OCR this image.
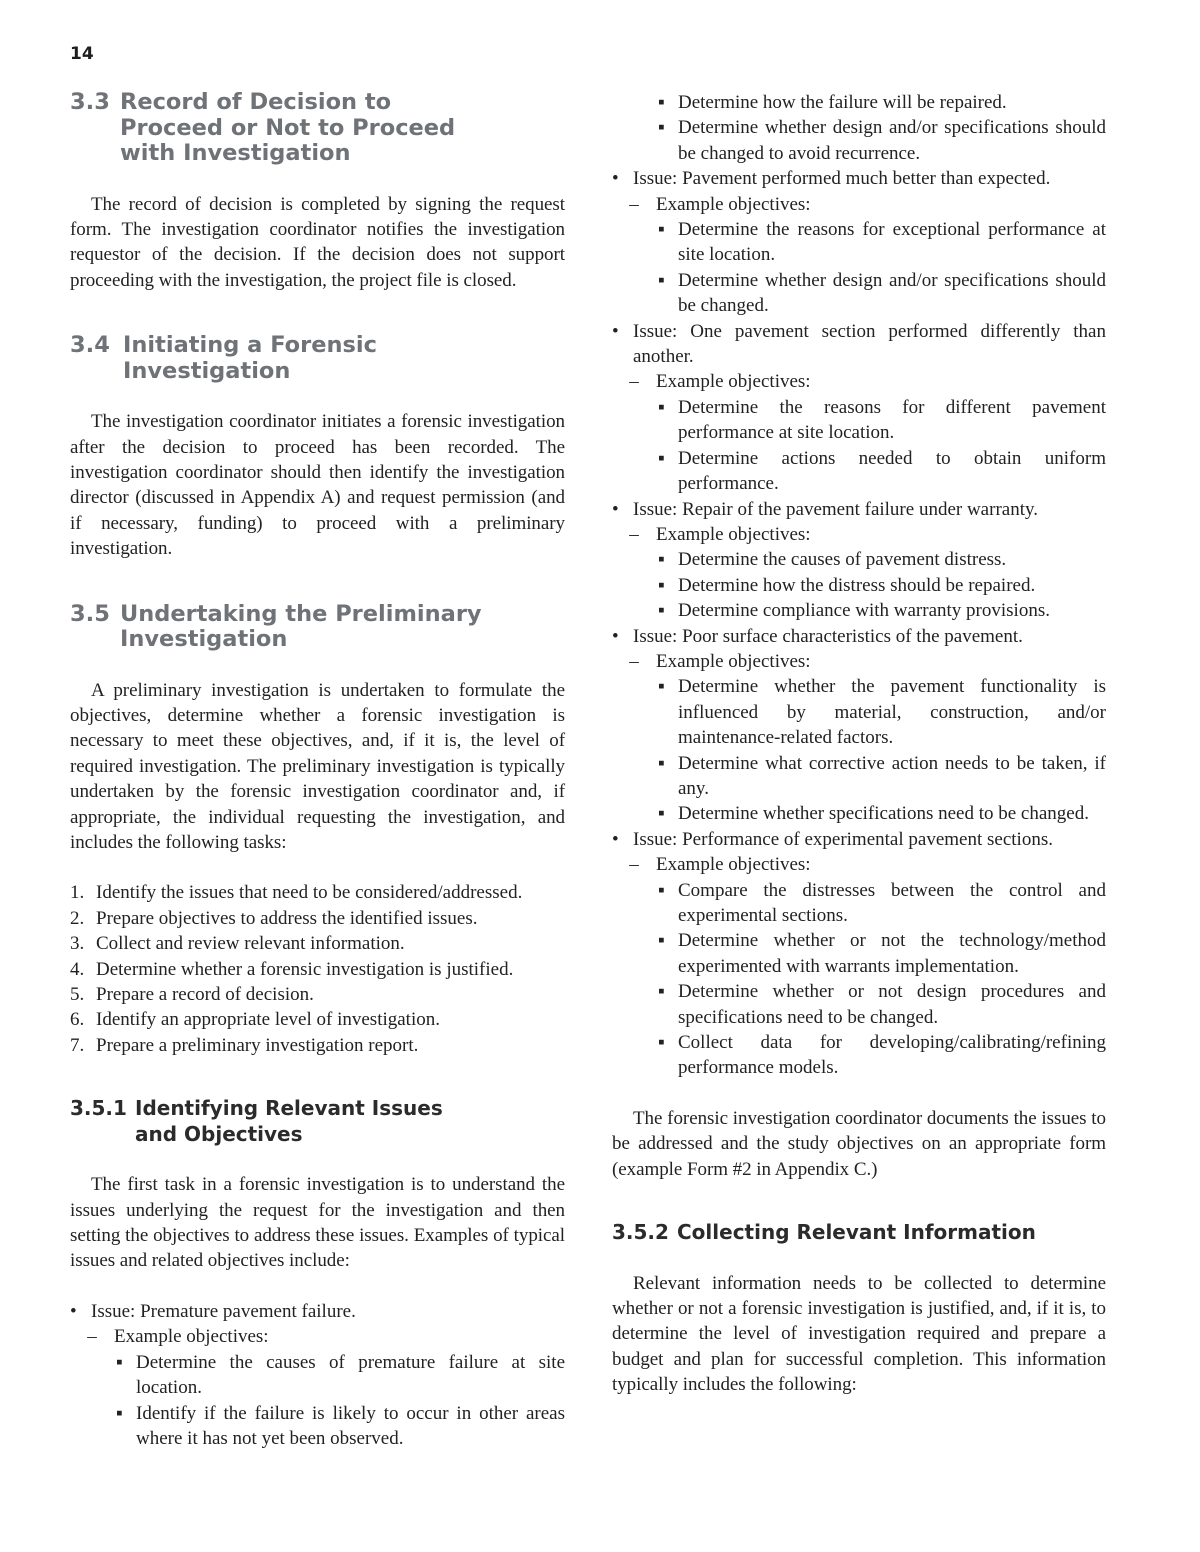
14
3.3 Record of Decision to Proceed or Not to Proceed with Investigation

The record of decision is completed by signing the request form. The investigation coordinator notifies the investigation requestor of the decision. If the decision does not support proceeding with the investigation, the project file is closed.

3.4 Initiating a Forensic Investigation

The investigation coordinator initiates a forensic investigation after the decision to proceed has been recorded. The investigation coordinator should then identify the investigation director (discussed in Appendix A) and request permission (and if necessary, funding) to proceed with a preliminary investigation.

3.5 Undertaking the Preliminary Investigation

A preliminary investigation is undertaken to formulate the objectives, determine whether a forensic investigation is necessary to meet these objectives, and, if it is, the level of required investigation. The preliminary investigation is typically undertaken by the forensic investigation coordinator and, if appropriate, the individual requesting the investigation, and includes the following tasks:

1. Identify the issues that need to be considered/addressed.
2. Prepare objectives to address the identified issues.
3. Collect and review relevant information.
4. Determine whether a forensic investigation is justified.
5. Prepare a record of decision.
6. Identify an appropriate level of investigation.
7. Prepare a preliminary investigation report.
3.5.1 Identifying Relevant Issues and Objectives

The first task in a forensic investigation is to understand the issues underlying the request for the investigation and then setting the objectives to address these issues. Examples of typical issues and related objectives include:

• Issue: Premature pavement failure.
– Example objectives:
▪ Determine the causes of premature failure at site location.
▪ Identify if the failure is likely to occur in other areas where it has not yet been observed.
▪ Determine how the failure will be repaired.
▪ Determine whether design and/or specifications should be changed to avoid recurrence.
• Issue: Pavement performed much better than expected.
– Example objectives:
▪ Determine the reasons for exceptional performance at site location.
▪ Determine whether design and/or specifications should be changed.
• Issue: One pavement section performed differently than another.
– Example objectives:
▪ Determine the reasons for different pavement performance at site location.
▪ Determine actions needed to obtain uniform performance.
• Issue: Repair of the pavement failure under warranty.
– Example objectives:
▪ Determine the causes of pavement distress.
▪ Determine how the distress should be repaired.
▪ Determine compliance with warranty provisions.
• Issue: Poor surface characteristics of the pavement.
– Example objectives:
▪ Determine whether the pavement functionality is influenced by material, construction, and/or maintenance-related factors.
▪ Determine what corrective action needs to be taken, if any.
▪ Determine whether specifications need to be changed.
• Issue: Performance of experimental pavement sections.
– Example objectives:
▪ Compare the distresses between the control and experimental sections.
▪ Determine whether or not the technology/method experimented with warrants implementation.
▪ Determine whether or not design procedures and specifications need to be changed.
▪ Collect data for developing/calibrating/refining performance models.

The forensic investigation coordinator documents the issues to be addressed and the study objectives on an appropriate form (example Form #2 in Appendix C.)

3.5.2 Collecting Relevant Information

Relevant information needs to be collected to determine whether or not a forensic investigation is justified, and, if it is, to determine the level of investigation required and prepare a budget and plan for successful completion. This information typically includes the following:
